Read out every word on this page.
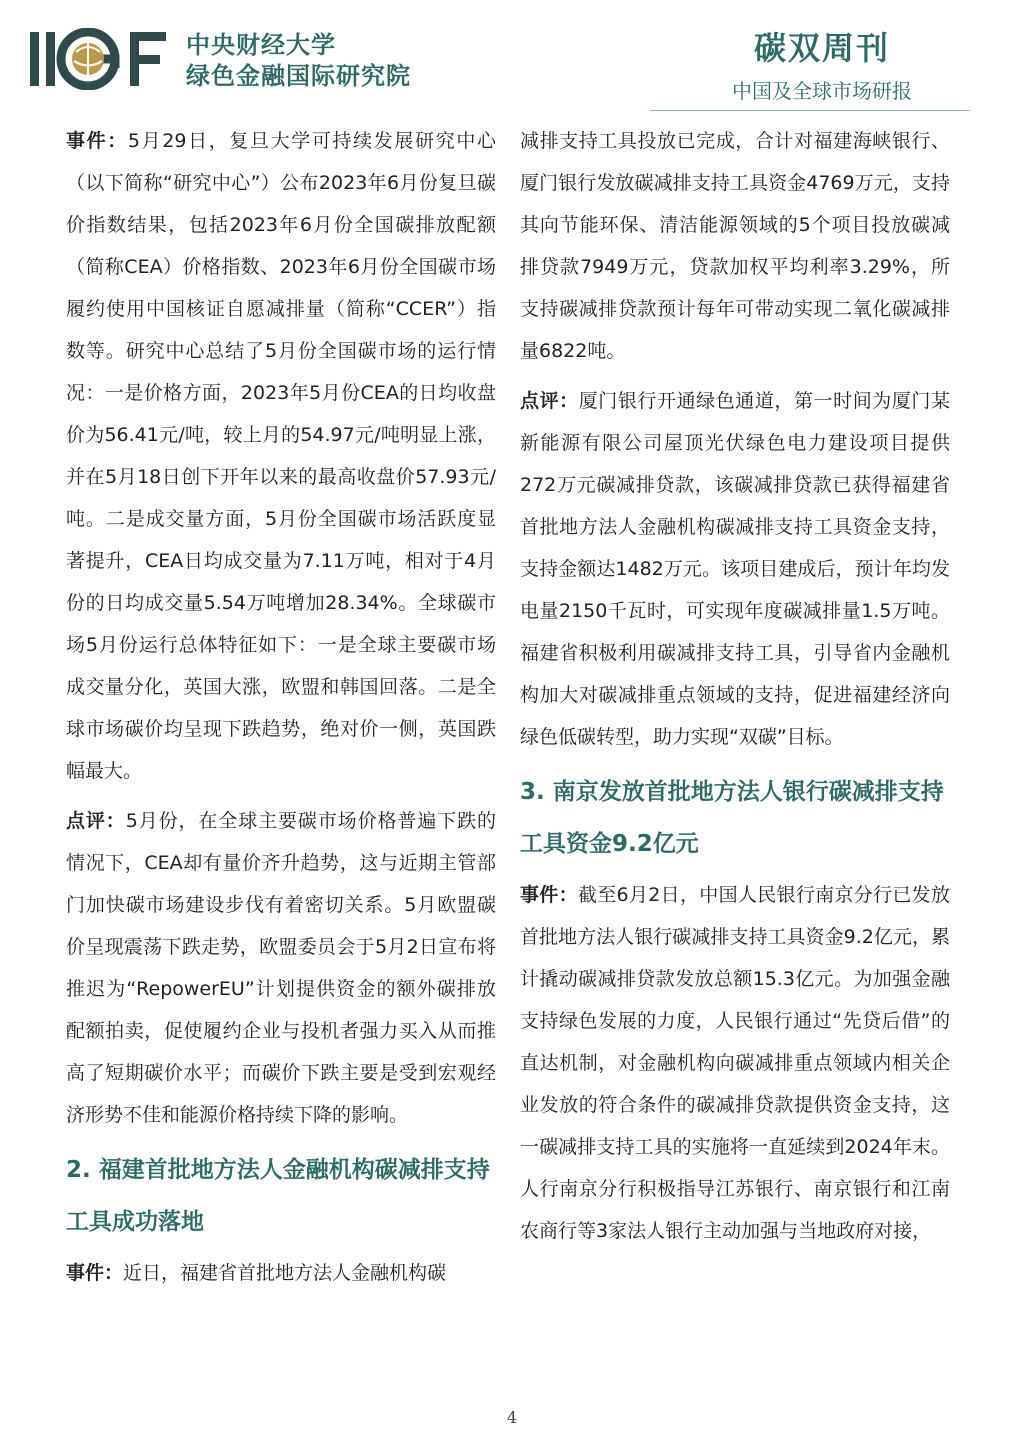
中央财经大学
绿色金融国际研究院
碳双周刊
中国及全球市场研报

事件：5月29日，复旦大学可持续发展研究中心（以下简称“研究中心”）公布2023年6月份复旦碳价指数结果，包括2023年6月份全国碳排放配额（简称CEA）价格指数、2023年6月份全国碳市场履约使用中国核证自愿减排量（简称“CCER”）指数等。研究中心总结了5月份全国碳市场的运行情况：一是价格方面，2023年5月份CEA的日均收盘价为56.41元/吨，较上月的54.97元/吨明显上涨，并在5月18日创下开年以来的最高收盘价57.93元/吨。二是成交量方面，5月份全国碳市场活跃度显著提升，CEA日均成交量为7.11万吨，相对于4月份的日均成交量5.54万吨增加28.34%。全球碳市场5月份运行总体特征如下：一是全球主要碳市场成交量分化，英国大涨，欧盟和韩国回落。二是全球市场碳价均呈现下跌趋势，绝对价一侧，英国跌幅最大。

点评：5月份，在全球主要碳市场价格普遍下跌的情况下，CEA却有量价齐升趋势，这与近期主管部门加快碳市场建设步伐有着密切关系。5月欧盟碳价呈现震荡下跌走势，欧盟委员会于5月2日宣布将推迟为“RepowerEU”计划提供资金的额外碳排放配额拍卖，促使履约企业与投机者强力买入从而推高了短期碳价水平；而碳价下跌主要是受到宏观经济形势不佳和能源价格持续下降的影响。

2. 福建首批地方法人金融机构碳减排支持工具成功落地

事件：近日，福建省首批地方法人金融机构碳

减排支持工具投放已完成，合计对福建海峡银行、厦门银行发放碳减排支持工具资金4769万元，支持其向节能环保、清洁能源领域的5个项目投放碳减排贷款7949万元，贷款加权平均利率3.29%，所支持碳减排贷款预计每年可带动实现二氧化碳减排量6822吨。

点评：厦门银行开通绿色通道，第一时间为厦门某新能源有限公司屋顶光伏绿色电力建设项目提供272万元碳减排贷款，该碳减排贷款已获得福建省首批地方法人金融机构碳减排支持工具资金支持，支持金额达1482万元。该项目建成后，预计年均发电量2150千瓦时，可实现年度碳减排量1.5万吨。福建省积极利用碳减排支持工具，引导省内金融机构加大对碳减排重点领域的支持，促进福建经济向绿色低碳转型，助力实现“双碳”目标。

3. 南京发放首批地方法人银行碳减排支持工具资金9.2亿元

事件：截至6月2日，中国人民银行南京分行已发放首批地方法人银行碳减排支持工具资金9.2亿元，累计撬动碳减排贷款发放总额15.3亿元。为加强金融支持绿色发展的力度，人民银行通过“先贷后借”的直达机制，对金融机构向碳减排重点领域内相关企业发放的符合条件的碳减排贷款提供资金支持，这一碳减排支持工具的实施将一直延续到2024年末。人行南京分行积极指导江苏银行、南京银行和江南农商行等3家法人银行主动加强与当地政府对接，

4
